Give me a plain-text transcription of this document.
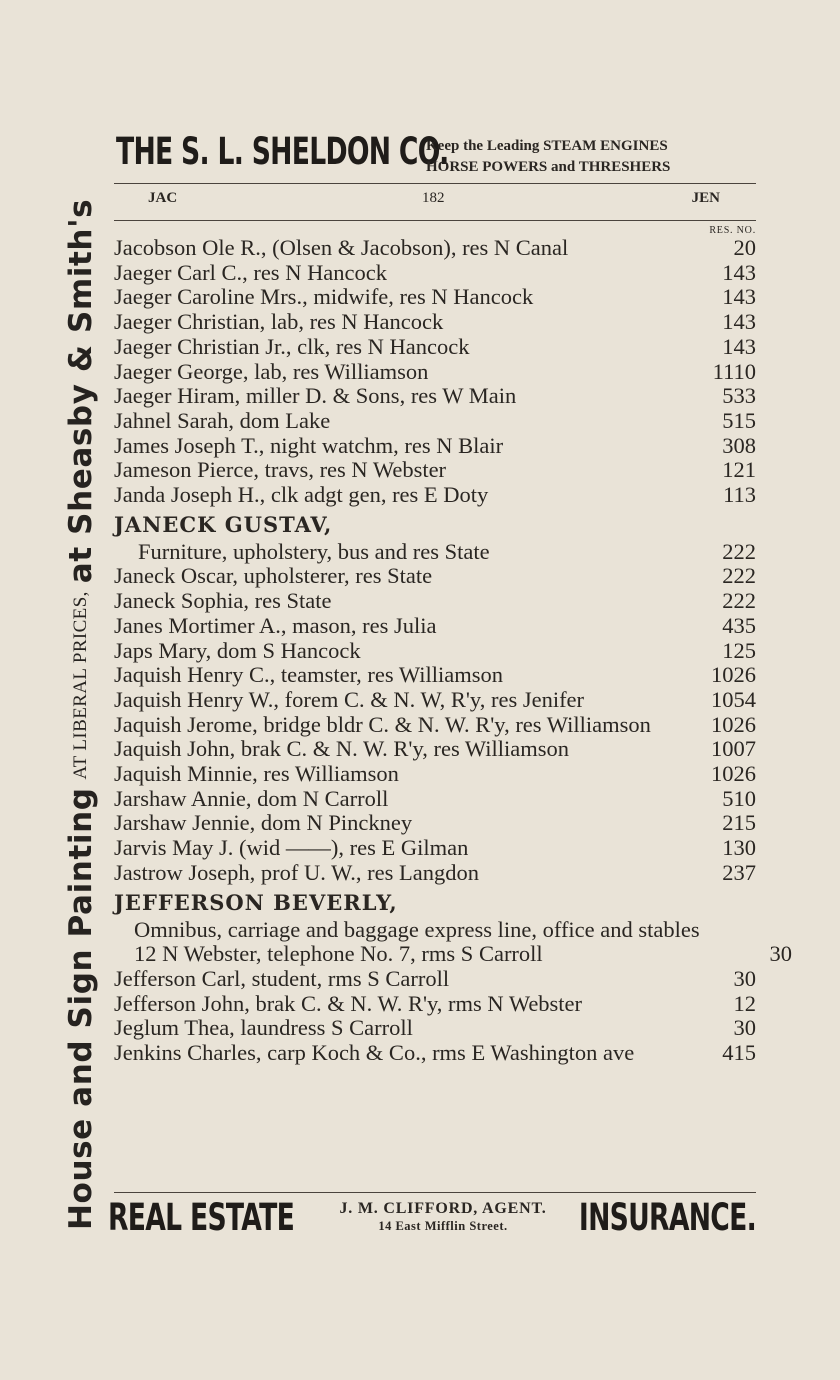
House and Sign Painting
AT LIBERAL PRICES,
at Sheasby & Smith's
THE S. L. SHELDON CO.
Keep the Leading STEAM ENGINES
HORSE POWERS and THRESHERS
JAC	182	JEN
RES. NO.
Jacobson Ole R., (Olsen & Jacobson), res N Canal	20
Jaeger Carl C., res N Hancock	143
Jaeger Caroline Mrs., midwife, res N Hancock	143
Jaeger Christian, lab, res N Hancock	143
Jaeger Christian Jr., clk, res N Hancock	143
Jaeger George, lab, res Williamson	1110
Jaeger Hiram, miller D. & Sons, res W Main	533
Jahnel Sarah, dom Lake	515
James Joseph T., night watchm, res N Blair	308
Jameson Pierce, travs, res N Webster	121
Janda Joseph H., clk adgt gen, res E Doty	113
JANECK GUSTAV,
Furniture, upholstery, bus and res State	222
Janeck Oscar, upholsterer, res State	222
Janeck Sophia, res State	222
Janes Mortimer A., mason, res Julia	435
Japs Mary, dom S Hancock	125
Jaquish Henry C., teamster, res Williamson	1026
Jaquish Henry W., forem C. & N. W, R'y, res Jenifer	1054
Jaquish Jerome, bridge bldr C. & N. W. R'y, res Williamson	1026
Jaquish John, brak C. & N. W. R'y, res Williamson	1007
Jaquish Minnie, res Williamson	1026
Jarshaw Annie, dom N Carroll	510
Jarshaw Jennie, dom N Pinckney	215
Jarvis May J. (wid ——), res E Gilman	130
Jastrow Joseph, prof U. W., res Langdon	237
JEFFERSON BEVERLY,
Omnibus, carriage and baggage express line, office and stables 12 N Webster, telephone No. 7, rms S Carroll	30
Jefferson Carl, student, rms S Carroll	30
Jefferson John, brak C. & N. W. R'y, rms N Webster	12
Jeglum Thea, laundress S Carroll	30
Jenkins Charles, carp Koch & Co., rms E Washington ave	415
REAL ESTATE	J. M. CLIFFORD, AGENT.
14 East Mifflin Street.	INSURANCE.
